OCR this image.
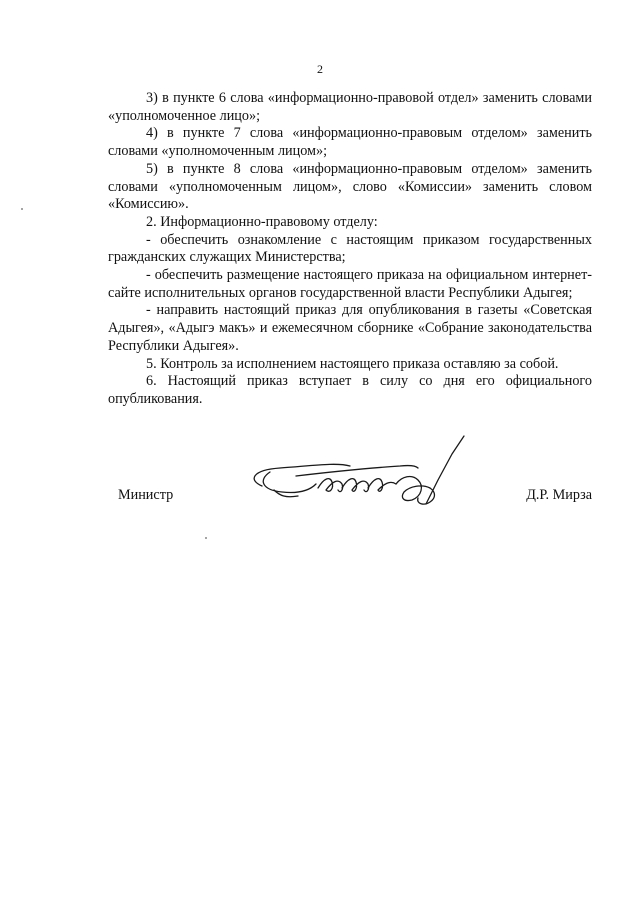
2

3) в пункте 6 слова «информационно-правовой отдел» заменить словами «уполномоченное лицо»;

4) в пункте 7 слова «информационно-правовым отделом» заменить словами «уполномоченным лицом»;

5) в пункте 8 слова «информационно-правовым отделом» заменить словами «уполномоченным лицом», слово «Комиссии» заменить словом «Комиссию».

2. Информационно-правовому отделу:

- обеспечить ознакомление с настоящим приказом государственных гражданских служащих Министерства;

- обеспечить размещение настоящего приказа на официальном интернет-сайте исполнительных органов государственной власти Республики Адыгея;

- направить настоящий приказ для опубликования в газеты «Советская Адыгея», «Адыгэ макъ» и ежемесячном сборнике «Собрание законодательства Республики Адыгея».

5. Контроль за исполнением настоящего приказа оставляю за собой.

6. Настоящий приказ вступает в силу со дня его официального опубликования.

Министр	Д.Р. Мирза
